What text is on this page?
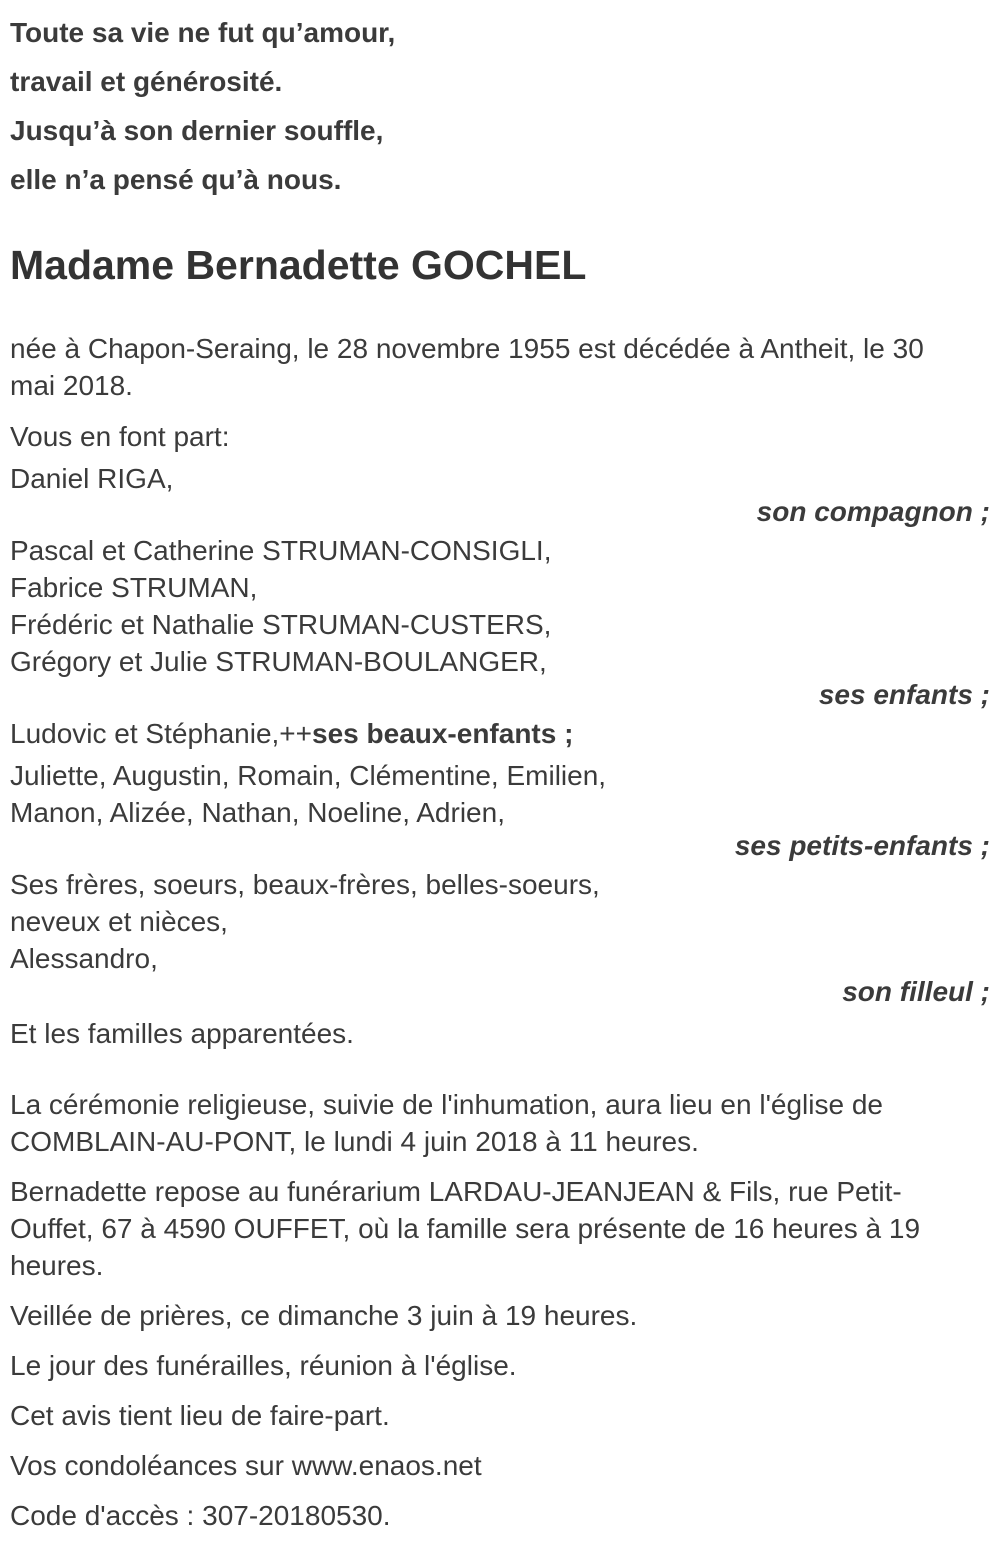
Toute sa vie ne fut qu’amour,

travail et générosité.

Jusqu’à son dernier souffle,

elle n’a pensé qu’à nous.

Madame Bernadette GOCHEL

née à Chapon-Seraing, le 28 novembre 1955 est décédée à Antheit, le 30 mai 2018.

Vous en font part:

Daniel RIGA,

son compagnon ;

Pascal et Catherine STRUMAN-CONSIGLI,

Fabrice STRUMAN,

Frédéric et Nathalie STRUMAN-CUSTERS,

Grégory et Julie STRUMAN-BOULANGER,

ses enfants ;

Ludovic et Stéphanie,++ses beaux-enfants ;

Juliette, Augustin, Romain, Clémentine, Emilien,

Manon, Alizée, Nathan, Noeline, Adrien,

ses petits-enfants ;

Ses frères, soeurs, beaux-frères, belles-soeurs,

neveux et nièces,

Alessandro,

son filleul ;

Et les familles apparentées.

La cérémonie religieuse, suivie de l'inhumation, aura lieu en l'église de COMBLAIN-AU-PONT, le lundi 4 juin 2018 à 11 heures.

Bernadette repose au funérarium LARDAU-JEANJEAN & Fils, rue Petit-Ouffet, 67 à 4590 OUFFET, où la famille sera présente de 16 heures à 19 heures.

Veillée de prières, ce dimanche 3 juin à 19 heures.

Le jour des funérailles, réunion à l'église.

Cet avis tient lieu de faire-part.

Vos condoléances sur www.enaos.net

Code d'accès : 307-20180530.
